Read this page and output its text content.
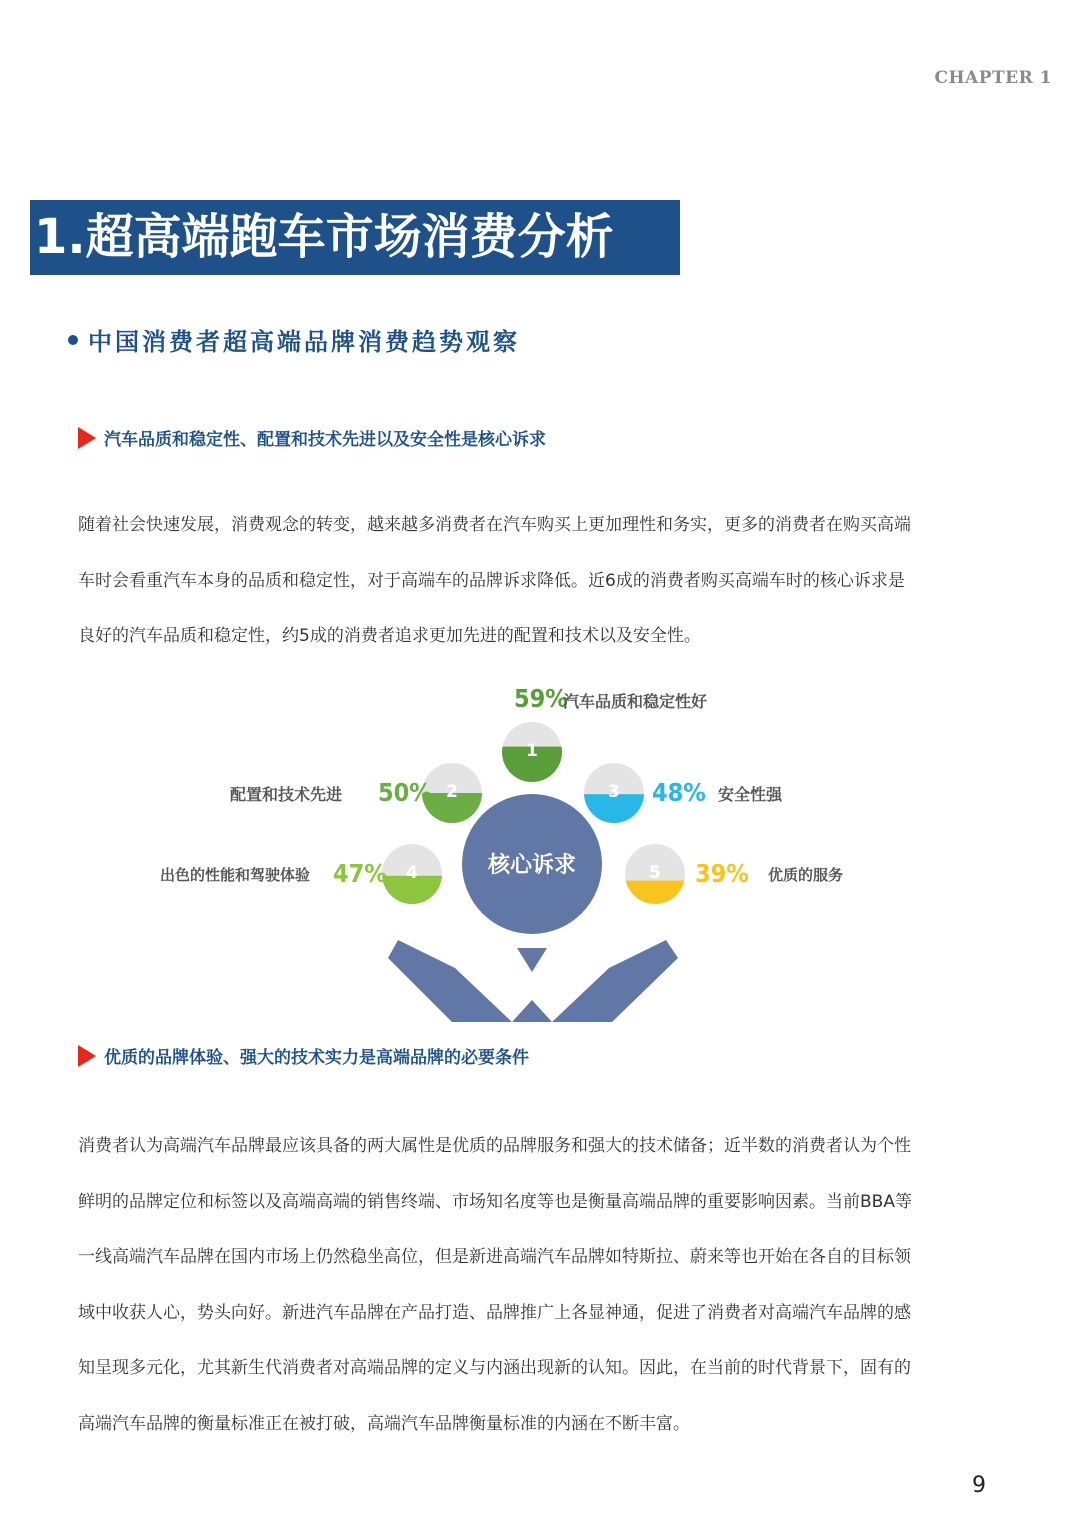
CHAPTER 1
1.超高端跑车市场消费分析
中国消费者超高端品牌消费趋势观察
汽车品质和稳定性、配置和技术先进以及安全性是核心诉求
随着社会快速发展，消费观念的转变，越来越多消费者在汽车购买上更加理性和务实，更多的消费者在购买高端
车时会看重汽车本身的品质和稳定性，对于高端车的品牌诉求降低。近6成的消费者购买高端车时的核心诉求是
良好的汽车品质和稳定性，约5成的消费者追求更加先进的配置和技术以及安全性。
核心诉求
1
2	3
4	5
59%
汽车品质和稳定性好
配置和技术先进 50%	48% 安全性强
出色的性能和驾驶体验 47%	39% 优质的服务
优质的品牌体验、强大的技术实力是高端品牌的必要条件
消费者认为高端汽车品牌最应该具备的两大属性是优质的品牌服务和强大的技术储备；近半数的消费者认为个性
鲜明的品牌定位和标签以及高端高端的销售终端、市场知名度等也是衡量高端品牌的重要影响因素。当前BBA等
一线高端汽车品牌在国内市场上仍然稳坐高位，但是新进高端汽车品牌如特斯拉、蔚来等也开始在各自的目标领
域中收获人心，势头向好。新进汽车品牌在产品打造、品牌推广上各显神通，促进了消费者对高端汽车品牌的感
知呈现多元化，尤其新生代消费者对高端品牌的定义与内涵出现新的认知。因此，在当前的时代背景下，固有的
高端汽车品牌的衡量标准正在被打破，高端汽车品牌衡量标准的内涵在不断丰富。
9
